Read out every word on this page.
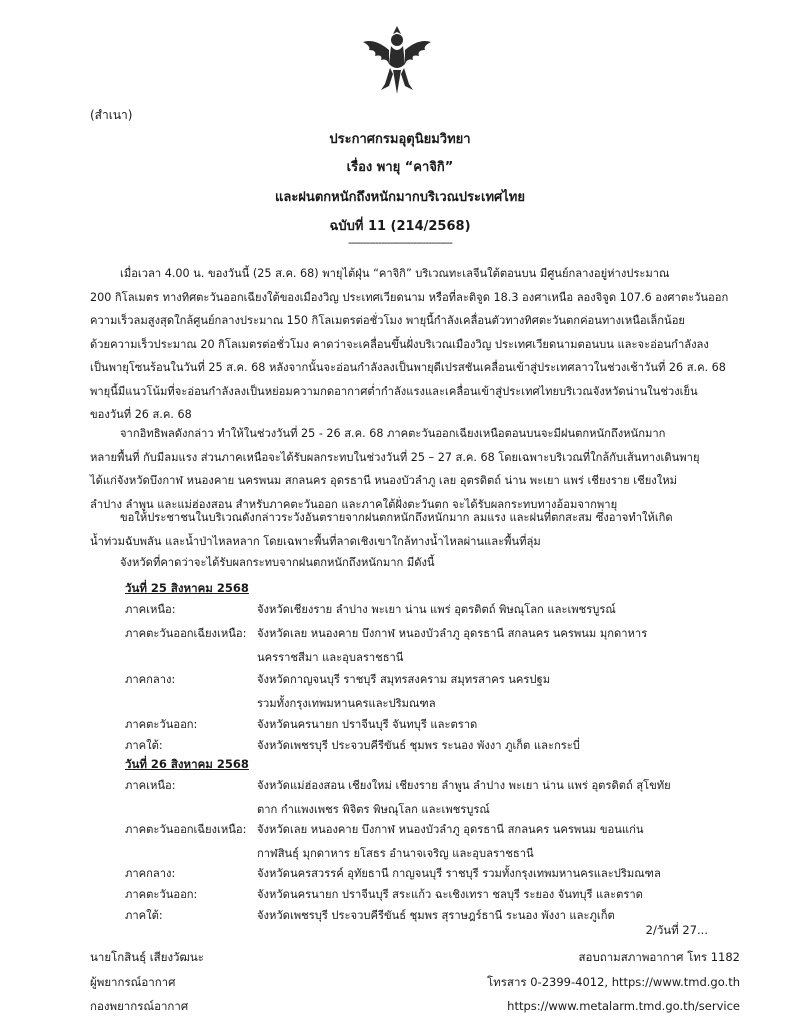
(สำเนา)
ประกาศกรมอุตุนิยมวิทยา
เรื่อง พายุ “คาจิกิ”
และฝนตกหนักถึงหนักมากบริเวณประเทศไทย
ฉบับที่ 11 (214/2568)
-----------------------------------

เมื่อเวลา 4.00 น. ของวันนี้ (25 ส.ค. 68) พายุไต้ฝุ่น “คาจิกิ” บริเวณทะเลจีนใต้ตอนบน มีศูนย์กลางอยู่ห่างประมาณ

200 กิโลเมตร ทางทิศตะวันออกเฉียงใต้ของเมืองวิญ ประเทศเวียดนาม หรือที่ละติจูด 18.3 องศาเหนือ ลองจิจูด 107.6 องศาตะวันออก
ความเร็วลมสูงสุดใกล้ศูนย์กลางประมาณ 150 กิโลเมตรต่อชั่วโมง พายุนี้กำลังเคลื่อนตัวทางทิศตะวันตกค่อนทางเหนือเล็กน้อย
ด้วยความเร็วประมาณ 20 กิโลเมตรต่อชั่วโมง คาดว่าจะเคลื่อนขึ้นฝั่งบริเวณเมืองวิญ ประเทศเวียดนามตอนบน และจะอ่อนกำลังลง
เป็นพายุโซนร้อนในวันที่ 25 ส.ค. 68 หลังจากนั้นจะอ่อนกำลังลงเป็นพายุดีเปรสชันเคลื่อนเข้าสู่ประเทศลาวในช่วงเช้าวันที่ 26 ส.ค. 68
พายุนี้มีแนวโน้มที่จะอ่อนกำลังลงเป็นหย่อมความกดอากาศต่ำกำลังแรงและเคลื่อนเข้าสู่ประเทศไทยบริเวณจังหวัดน่านในช่วงเย็น
ของวันที่ 26 ส.ค. 68

จากอิทธิพลดังกล่าว ทำให้ในช่วงวันที่ 25 - 26 ส.ค. 68 ภาคตะวันออกเฉียงเหนือตอนบนจะมีฝนตกหนักถึงหนักมาก

หลายพื้นที่ กับมีลมแรง ส่วนภาคเหนือจะได้รับผลกระทบในช่วงวันที่ 25 – 27 ส.ค. 68 โดยเฉพาะบริเวณที่ใกล้กับเส้นทางเดินพายุ
ได้แก่จังหวัดบึงกาฬ หนองคาย นครพนม สกลนคร อุดรธานี หนองบัวลำภู เลย อุตรดิตถ์ น่าน พะเยา แพร่ เชียงราย เชียงใหม่
ลำปาง ลำพูน และแม่ฮ่องสอน สำหรับภาคตะวันออก และภาคใต้ฝั่งตะวันตก จะได้รับผลกระทบทางอ้อมจากพายุ

ขอให้ประชาชนในบริเวณดังกล่าวระวังอันตรายจากฝนตกหนักถึงหนักมาก ลมแรง และฝนที่ตกสะสม ซึ่งอาจทำให้เกิด

น้ำท่วมฉับพลัน และน้ำป่าไหลหลาก โดยเฉพาะพื้นที่ลาดเชิงเขาใกล้ทางน้ำไหลผ่านและพื้นที่ลุ่ม

จังหวัดที่คาดว่าจะได้รับผลกระทบจากฝนตกหนักถึงหนักมาก มีดังนี้

วันที่ 25 สิงหาคม 2568
ภาคเหนือ:	จังหวัดเชียงราย ลำปาง พะเยา น่าน แพร่ อุตรดิตถ์ พิษณุโลก และเพชรบูรณ์
ภาคตะวันออกเฉียงเหนือ: จังหวัดเลย หนองคาย บึงกาฬ หนองบัวลำภู อุดรธานี สกลนคร นครพนม มุกดาหาร
นครราชสีมา และอุบลราชธานี
ภาคกลาง:	จังหวัดกาญจนบุรี ราชบุรี สมุทรสงคราม สมุทรสาคร นครปฐม
รวมทั้งกรุงเทพมหานครและปริมณฑล
ภาคตะวันออก:	จังหวัดนครนายก ปราจีนบุรี จันทบุรี และตราด
ภาคใต้:	จังหวัดเพชรบุรี ประจวบคีรีขันธ์ ชุมพร ระนอง พังงา ภูเก็ต และกระบี่
วันที่ 26 สิงหาคม 2568
ภาคเหนือ:	จังหวัดแม่ฮ่องสอน เชียงใหม่ เชียงราย ลำพูน ลำปาง พะเยา น่าน แพร่ อุตรดิตถ์ สุโขทัย
ตาก กำแพงเพชร พิจิตร พิษณุโลก และเพชรบูรณ์
ภาคตะวันออกเฉียงเหนือ: จังหวัดเลย หนองคาย บึงกาฬ หนองบัวลำภู อุดรธานี สกลนคร นครพนม ขอนแก่น
กาฬสินธุ์ มุกดาหาร ยโสธร อำนาจเจริญ และอุบลราชธานี
ภาคกลาง:	จังหวัดนครสวรรค์ อุทัยธานี กาญจนบุรี ราชบุรี รวมทั้งกรุงเทพมหานครและปริมณฑล
ภาคตะวันออก:	จังหวัดนครนายก ปราจีนบุรี สระแก้ว ฉะเชิงเทรา ชลบุรี ระยอง จันทบุรี และตราด
ภาคใต้:	จังหวัดเพชรบุรี ประจวบคีรีขันธ์ ชุมพร สุราษฎร์ธานี ระนอง พังงา และภูเก็ต
2/วันที่ 27...
นายโกสินธุ์ เสียงวัฒนะ
ผู้พยากรณ์อากาศ
กองพยากรณ์อากาศ
สอบถามสภาพอากาศ โทร 1182
โทรสาร 0-2399-4012, https://www.tmd.go.th
https://www.metalarm.tmd.go.th/service
